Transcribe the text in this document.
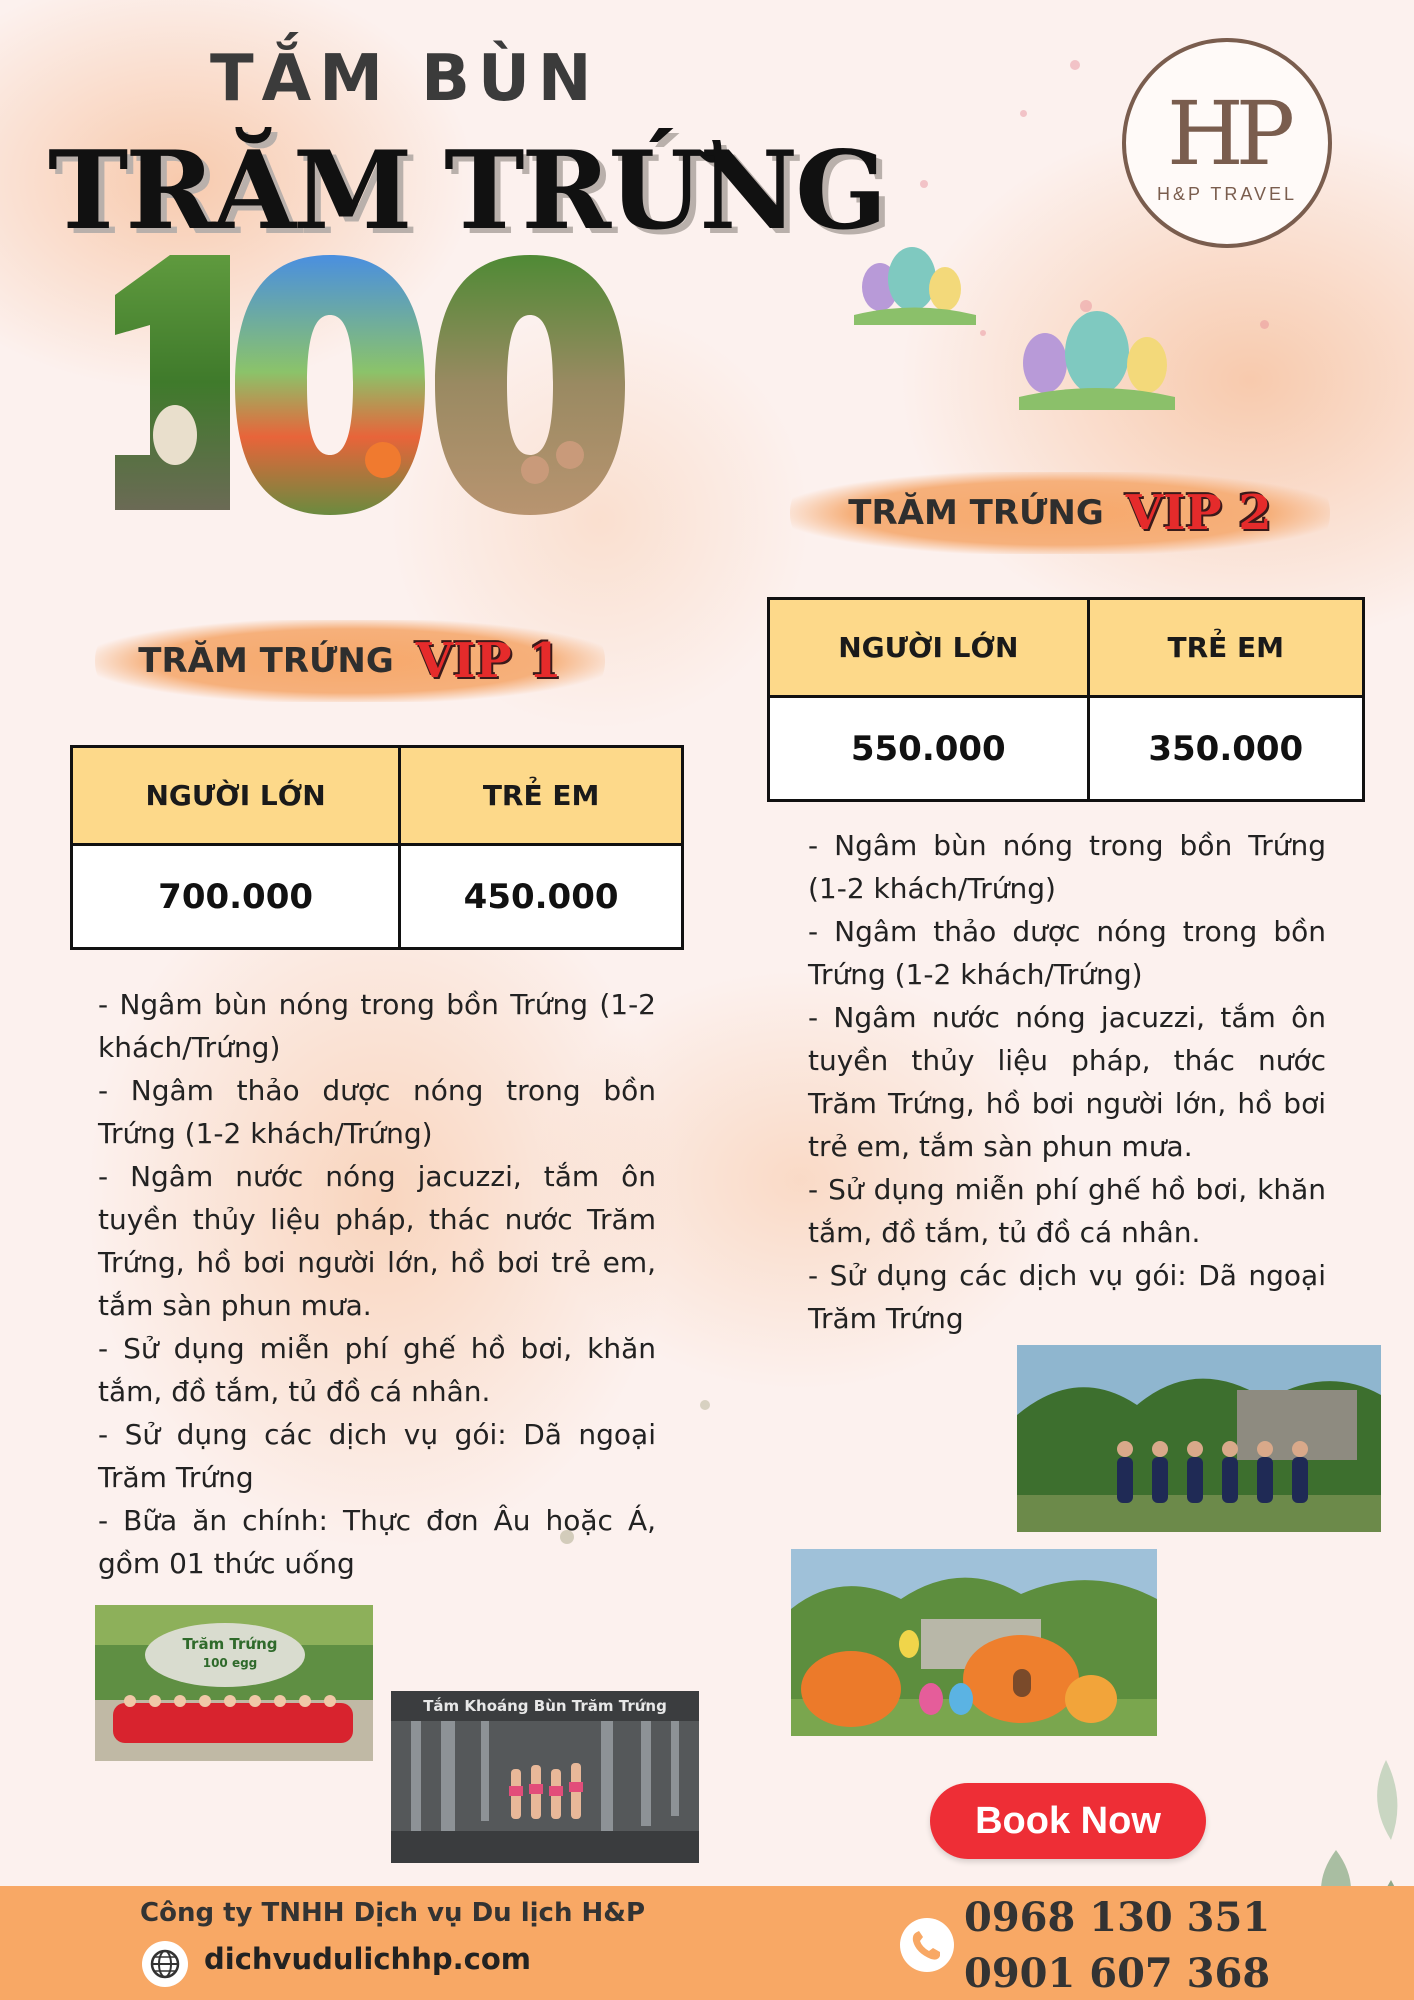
TẮM BÙN
TRĂM TRỨNG	HP
H&P TRAVEL
TRĂM TRỨNG VIP 2
TRĂM TRỨNG VIP 1	NGƯỜI LỚN	TRẺ EM
550.000	350.000
NGƯỜI LỚN	TRẺ EM
700.000	450.000
- Ngâm bùn nóng trong bồn Trứng (1-2 khách/Trứng)
- Ngâm thảo dược nóng trong bồn Trứng (1-2 khách/Trứng)
- Ngâm nước nóng jacuzzi, tắm ôn tuyền thủy liệu pháp, thác nước Trăm Trứng, hồ bơi người lớn, hồ bơi trẻ em, tắm sàn phun mưa.
- Sử dụng miễn phí ghế hồ bơi, khăn tắm, đồ tắm, tủ đồ cá nhân.
- Sử dụng các dịch vụ gói: Dã ngoại Trăm Trứng
- Ngâm bùn nóng trong bồn Trứng (1-2 khách/Trứng)
- Ngâm thảo dược nóng trong bồn Trứng (1-2 khách/Trứng)
- Ngâm nước nóng jacuzzi, tắm ôn tuyền thủy liệu pháp, thác nước Trăm Trứng, hồ bơi người lớn, hồ bơi trẻ em, tắm sàn phun mưa.
- Sử dụng miễn phí ghế hồ bơi, khăn tắm, đồ tắm, tủ đồ cá nhân.
- Sử dụng các dịch vụ gói: Dã ngoại Trăm Trứng
- Bữa ăn chính: Thực đơn Âu hoặc Á, gồm 01 thức uống
Trăm Trứng
100 egg
Tắm Khoáng Bùn Trăm Trứng
Book Now
Công ty TNHH Dịch vụ Du lịch H&P
dichvudulichhp.com
0968 130 351
0901 607 368
